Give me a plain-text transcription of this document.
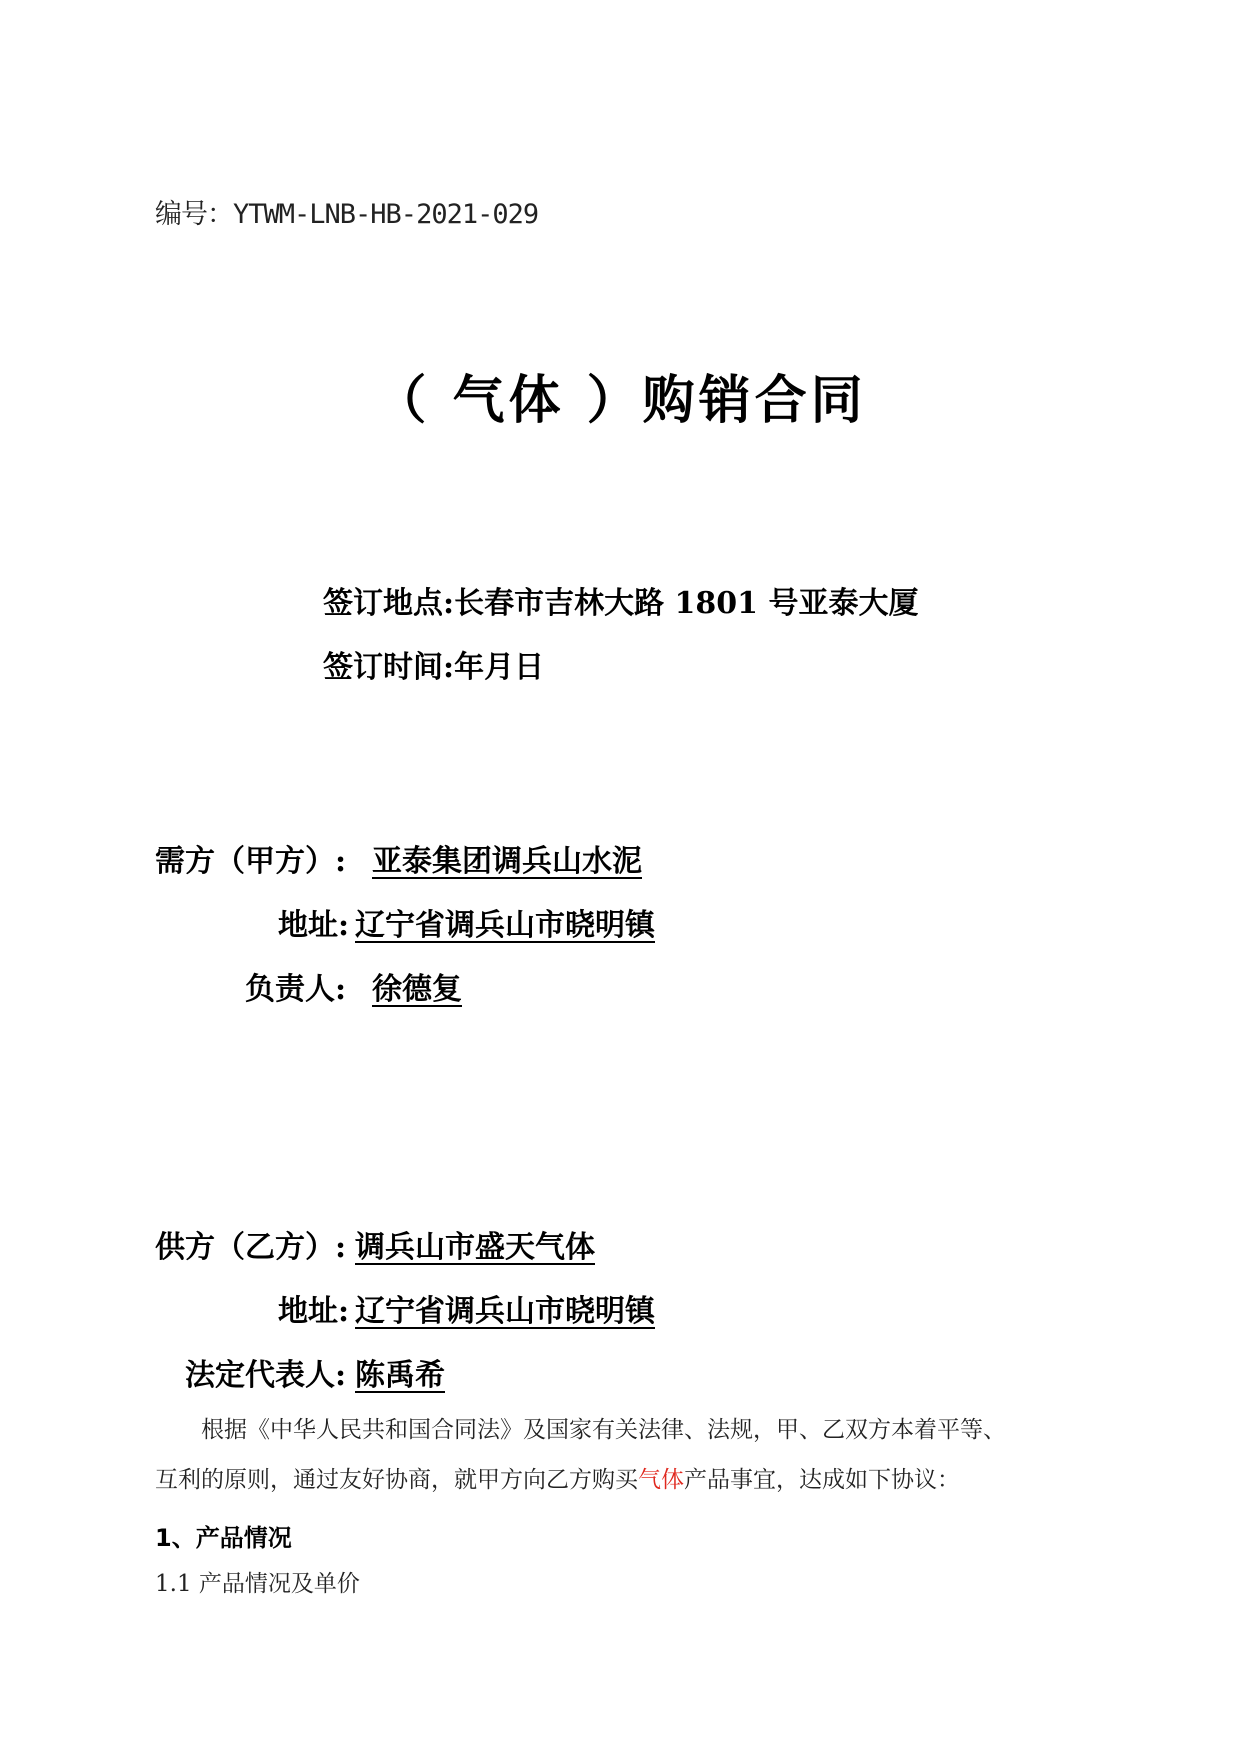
编号：YTWM-LNB-HB-2021-029
（ 气体 ）购销合同
签订地点:长春市吉林大路 1801 号亚泰大厦
签订时间:年月日
需方（甲方）: 亚泰集团调兵山水泥
地址: 辽宁省调兵山市晓明镇
负责人: 徐德复
供方（乙方）: 调兵山市盛天气体
地址: 辽宁省调兵山市晓明镇
法定代表人: 陈禹希

根据《中华人民共和国合同法》及国家有关法律、法规，甲、乙双方本着平等、

互利的原则，通过友好协商，就甲方向乙方购买气体产品事宜，达成如下协议：

1、产品情况
1.1 产品情况及单价
